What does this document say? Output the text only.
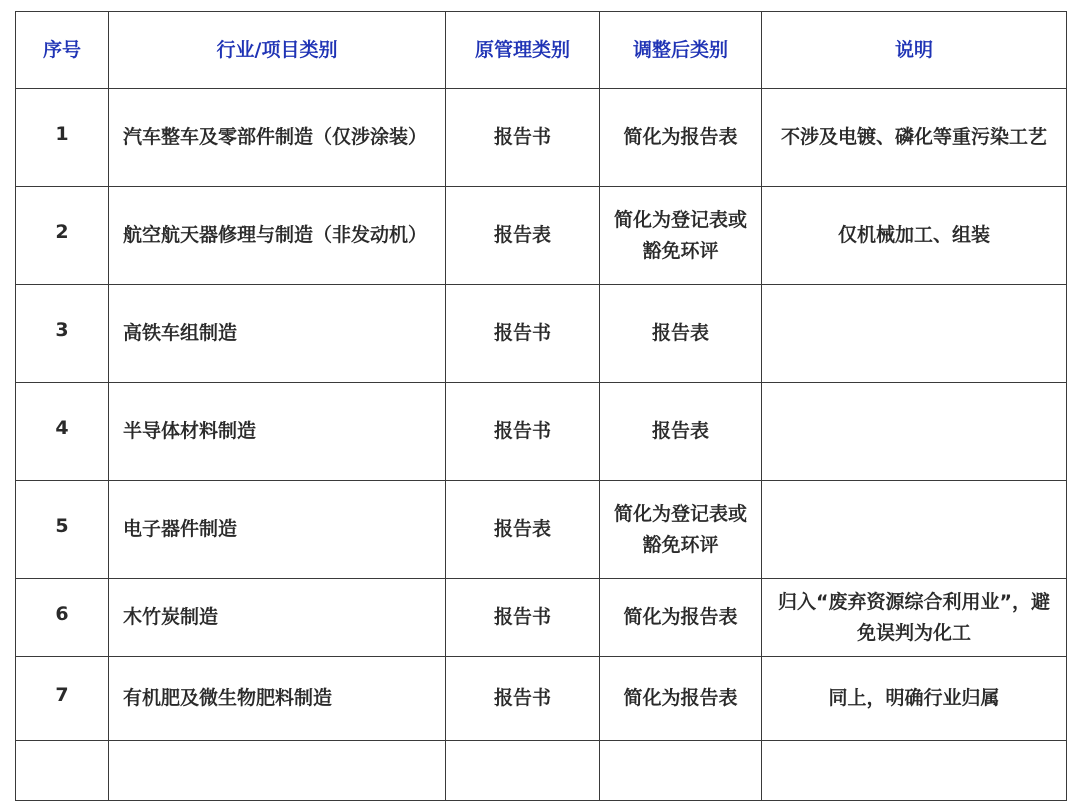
序号	行业/项目类别	原管理类别	调整后类别	说明
1	汽车整车及零部件制造（仅涉涂装）	报告书	简化为报告表	不涉及电镀、磷化等重污染工艺
2	航空航天器修理与制造（非发动机）	报告表	简化为登记表或豁免环评	仅机械加工、组装
3	高铁车组制造	报告书	报告表	
4	半导体材料制造	报告书	报告表	
5	电子器件制造	报告表	简化为登记表或豁免环评	
6	木竹炭制造	报告书	简化为报告表	归入“废弃资源综合利用业”，避免误判为化工
7	有机肥及微生物肥料制造	报告书	简化为报告表	同上，明确行业归属
